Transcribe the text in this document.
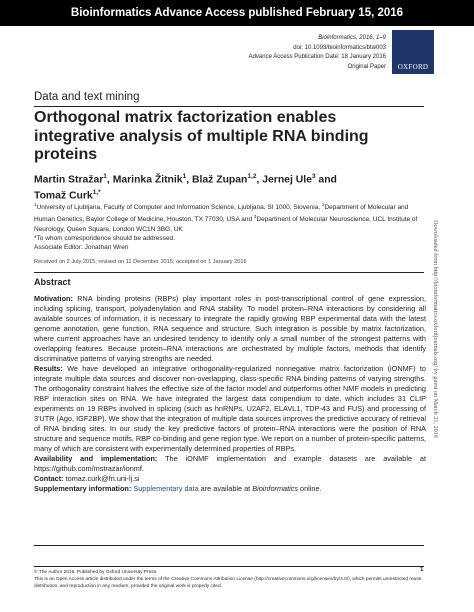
Bioinformatics Advance Access published February 15, 2016
Bioinformatics, 2016, 1–9
doi: 10.1093/bioinformatics/btw003
Advance Access Publication Date: 18 January 2016
Original Paper OXFORD
Data and text mining
Orthogonal matrix factorization enables integrative analysis of multiple RNA binding proteins
Martin Stražar$^1$, Marinka Žitnik$^1$, Blaž Zupan$^{1,2}$, Jernej Ule$^3$ and
Tomaž Curk$^{1,*}$
$^1$University of Ljubljana, Faculty of Computer and Information Science, Ljubljana, SI 1000, Slovenia, $^2$Department of Molecular and Human Genetics, Baylor College of Medicine, Houston, TX 77030, USA and $^3$Department of Molecular Neuroscience, UCL Institute of Neurology, Queen Square, London WC1N 3BG, UK
*To whom correspondence should be addressed.
Associate Editor: Jonathan Wren
Received on 2 July 2015; revised on 11 December 2015; accepted on 1 January 2016
Abstract

Motivation: RNA binding proteins (RBPs) play important roles in post-transcriptional control of gene expression, including splicing, transport, polyadenylation and RNA stability. To model protein–RNA interactions by considering all available sources of information, it is necessary to integrate the rapidly growing RBP experimental data with the latest genome annotation, gene function, RNA sequence and structure. Such integration is possible by matrix factorization, where current approaches have an undesired tendency to identify only a small number of the strongest patterns with overlapping features. Because protein–RNA interactions are orchestrated by multiple factors, methods that identify discriminative patterns of varying strengths are needed.

Results: We have developed an integrative orthogonality-regularized nonnegative matrix factorization (iONMF) to integrate multiple data sources and discover non-overlapping, class-specific RNA binding patterns of varying strengths. The orthogonality constraint halves the effective size of the factor model and outperforms other NMF models in predicting RBP interaction sites on RNA. We have integrated the largest data compendium to date, which includes 31 CLIP experiments on 19 RBPs involved in splicing (such as hnRNPs, U2AF2, ELAVL1, TDP-43 and FUS) and processing of 3′UTR (Ago, IGF2BP). We show that the integration of multiple data sources improves the predictive accuracy of retrieval of RNA binding sites. In our study the key predictive factors of protein–RNA interactions were the position of RNA structure and sequence motifs, RBP co-binding and gene region type. We report on a number of protein-specific patterns, many of which are consistent with experimentally determined properties of RBPs.

Availability and implementation: The iONMF implementation and example datasets are available at https://github.com/mstrazar/ionmf.

Contact: tomaz.curk@fri.uni-lj.si

Supplementary information: Supplementary data are available at Bioinformatics online.

© The Author 2016. Published by Oxford University Press.
This is an Open Access article distributed under the terms of the Creative Commons Attribution License (http://creativecommons.org/licenses/by/4.0/), which permits unrestricted reuse, distribution, and reproduction in any medium, provided the original work is properly cited.
1
Downloaded from http://bioinformatics.oxfordjournals.org/ by guest on March 21, 2016
